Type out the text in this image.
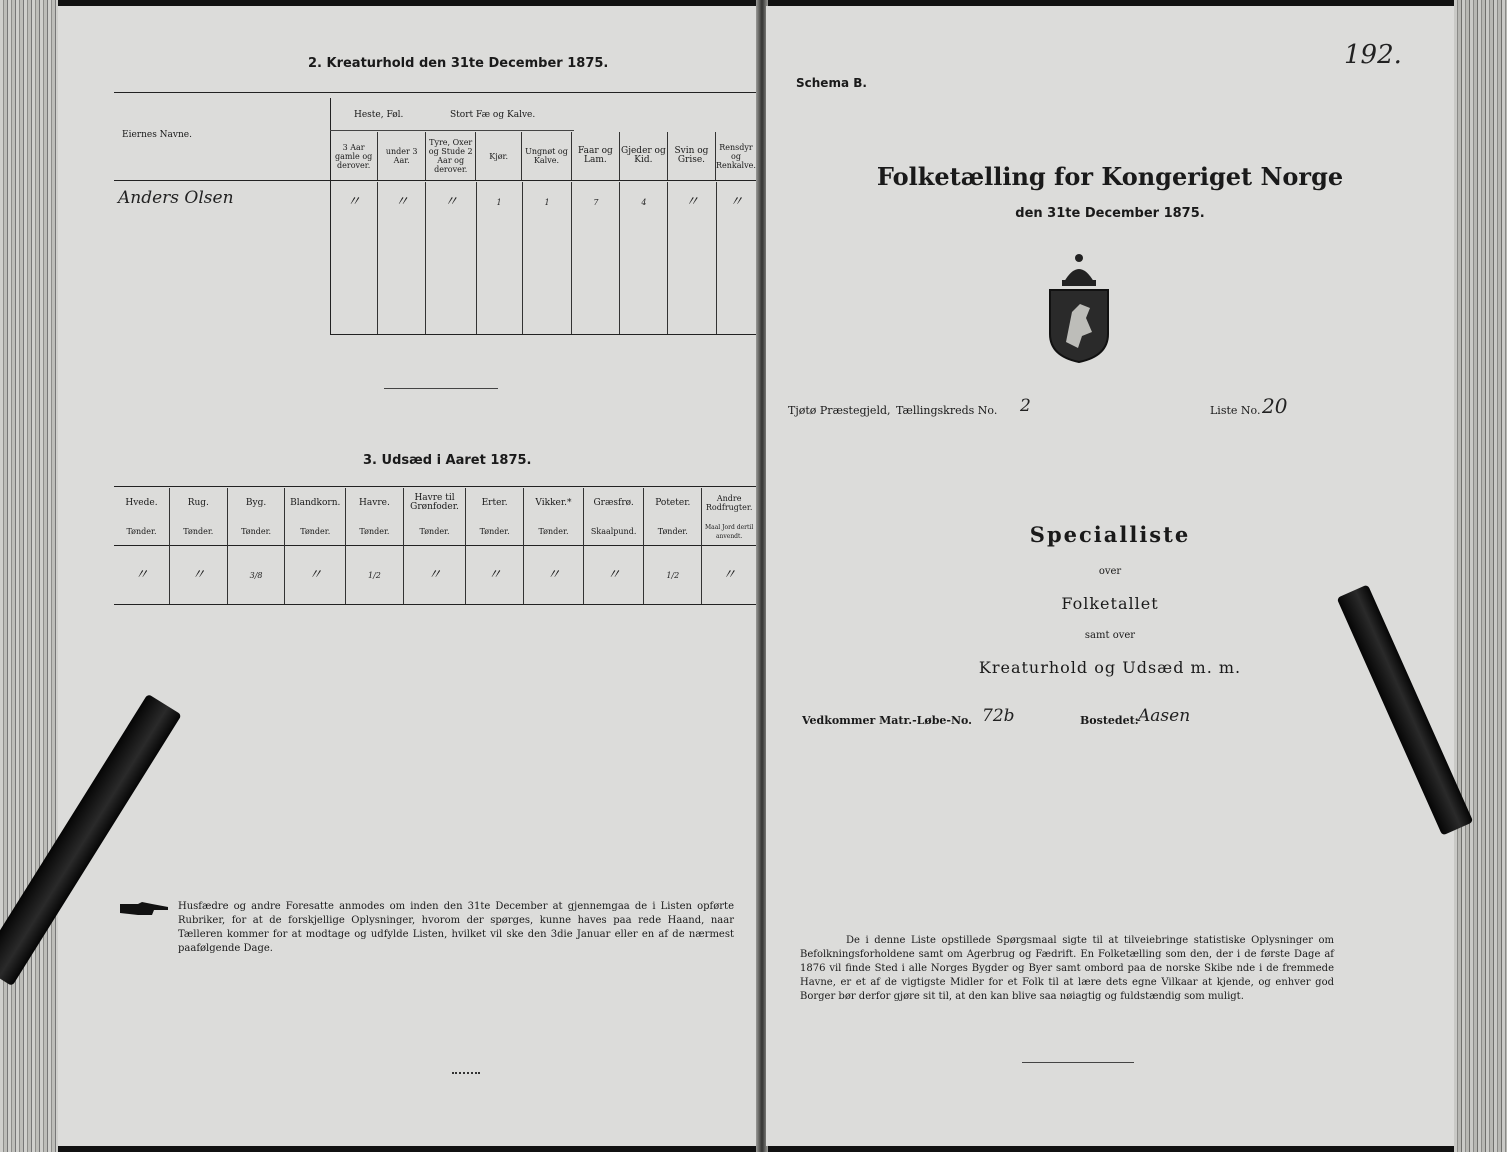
2. Kreaturhold den 31te December 1875.
Eiernes Navne.
Heste, Føl.	Stort Fæ og Kalve.
3 Aar gamle og derover.	under 3 Aar.	Tyre, Oxer og Stude 2 Aar og derover.	Kjør.	Ungnøt og Kalve.	Faar og Lam.	Gjeder og Kid.	Svin og Grise.	Rensdyr og Renkalve.
Anders Olsen	〃	〃	〃	1	1	7	4	〃	〃

3. Udsæd i Aaret 1875.
Hvede.	Rug.	Byg.	Blandkorn.	Havre.	Havre til Grønfoder.	Erter.	Vikker.*	Græsfrø.	Poteter.	Andre Rodfrugter.
Tønder.	Tønder.	Tønder.	Tønder.	Tønder.	Tønder.	Tønder.	Tønder.	Skaalpund.	Tønder.	Maal Jord dertil anvendt.
〃	〃	3/8	〃	1/2	〃	〃	〃	〃	1/2	〃
Husfædre og andre Foresatte anmodes om inden den 31te December at gjennemgaa de i Listen opførte Rubriker, for at de forskjellige Oplysninger, hvorom der spørges, kunne haves paa rede Haand, naar Tælleren kommer for at modtage og udfylde Listen, hvilket vil ske den 3die Januar eller en af de nærmest paafølgende Dage.
Schema B.
192.
Folketælling for Kongeriget Norge
den 31te December 1875.
Tjøtø Præstegjeld, Tællingskreds No. 2	Liste No. 20
Specialliste
over
Folketallet
samt over
Kreaturhold og Udsæd m. m.
Vedkommer Matr.-Løbe-No. 72b	Bostedet: Aasen
De i denne Liste opstillede Spørgsmaal sigte til at tilveiebringe statistiske Oplysninger om Befolkningsforholdene samt om Agerbrug og Fædrift. En Folketælling som den, der i de første Dage af 1876 vil finde Sted i alle Norges Bygder og Byer samt ombord paa de norske Skibe nde i de fremmede Havne, er et af de vigtigste Midler for et Folk til at lære dets egne Vilkaar at kjende, og enhver god Borger bør derfor gjøre sit til, at den kan blive saa nøiagtig og fuldstændig som muligt.
